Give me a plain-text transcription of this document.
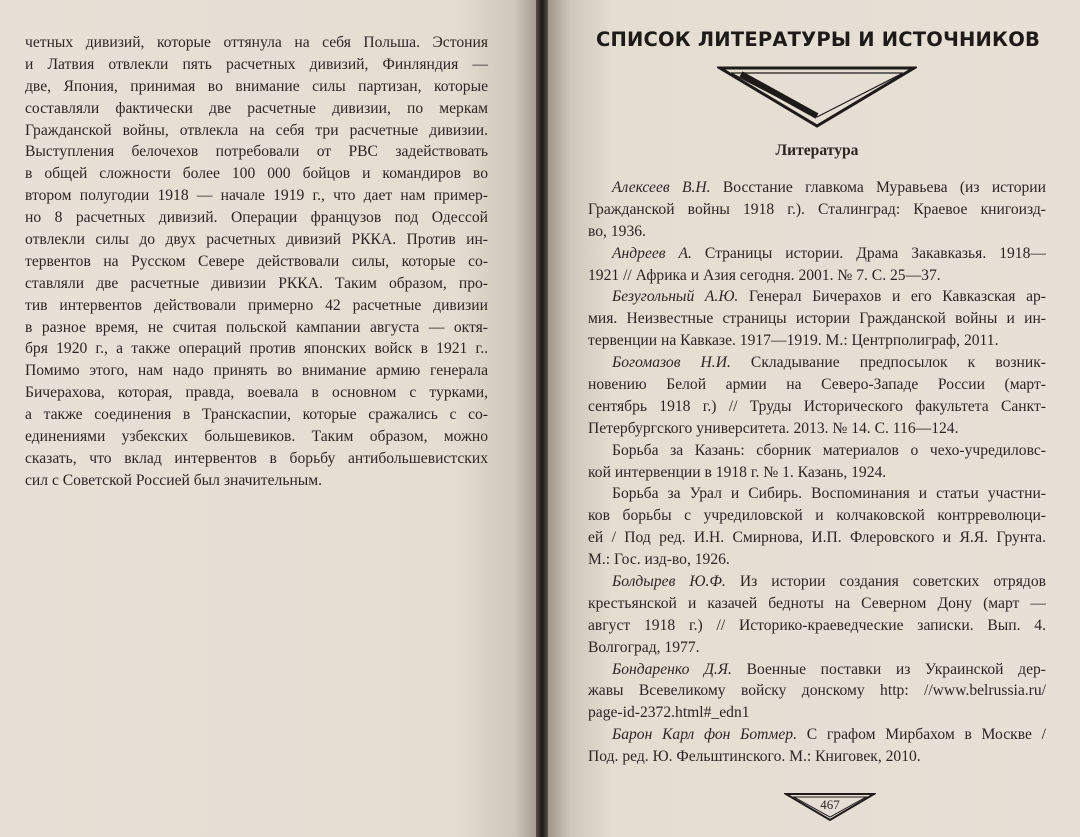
четных дивизий, которые оттянула на себя Польша. Эстония
и Латвия отвлекли пять расчетных дивизий, Финляндия —
две, Япония, принимая во внимание силы партизан, которые
составляли фактически две расчетные дивизии, по меркам
Гражданской войны, отвлекла на себя три расчетные дивизии.
Выступления белочехов потребовали от РВС задействовать
в общей сложности более 100 000 бойцов и командиров во
втором полугодии 1918 — начале 1919 г., что дает нам пример-
но 8 расчетных дивизий. Операции французов под Одессой
отвлекли силы до двух расчетных дивизий РККА. Против ин-
тервентов на Русском Севере действовали силы, которые со-
ставляли две расчетные дивизии РККА. Таким образом, про-
тив интервентов действовали примерно 42 расчетные дивизии
в разное время, не считая польской кампании августа — октя-
бря 1920 г., а также операций против японских войск в 1921 г..
Помимо этого, нам надо принять во внимание армию генерала
Бичерахова, которая, правда, воевала в основном с турками,
а также соединения в Транскаспии, которые сражались с со-
единениями узбекских большевиков. Таким образом, можно
сказать, что вклад интервентов в борьбу антибольшевистских
сил с Советской Россией был значительным.
СПИСОК ЛИТЕРАТУРЫ И ИСТОЧНИКОВ
Литература
Алексеев В.Н. Восстание главкома Муравьева (из истории
Гражданской войны 1918 г.). Сталинград: Краевое книгоизд-
во, 1936.
Андреев А. Страницы истории. Драма Закавказья. 1918—
1921 // Африка и Азия сегодня. 2001. № 7. С. 25—37.
Безугольный А.Ю. Генерал Бичерахов и его Кавказская ар-
мия. Неизвестные страницы истории Гражданской войны и ин-
тервенции на Кавказе. 1917—1919. М.: Центрполиграф, 2011.
Богомазов Н.И. Складывание предпосылок к возник-
новению Белой армии на Северо-Западе России (март-
сентябрь 1918 г.) // Труды Исторического факультета Санкт-
Петербургского университета. 2013. № 14. С. 116—124.
Борьба за Казань: сборник материалов о чехо-учредиловс-
кой интервенции в 1918 г. № 1. Казань, 1924.
Борьба за Урал и Сибирь. Воспоминания и статьи участни-
ков борьбы с учредиловской и колчаковской контрреволюци-
ей / Под ред. И.Н. Смирнова, И.П. Флеровского и Я.Я. Грунта.
М.: Гос. изд-во, 1926.
Болдырев Ю.Ф. Из истории создания советских отрядов
крестьянской и казачей бедноты на Северном Дону (март —
август 1918 г.) // Историко-краеведческие записки. Вып. 4.
Волгоград, 1977.
Бондаренко Д.Я. Военные поставки из Украинской дер-
жавы Всевеликому войску донскому http: //www.belrussia.ru/
page-id-2372.html#_edn1
Барон Карл фон Ботмер. С графом Мирбахом в Москве /
Под. ред. Ю. Фельштинского. М.: Книговек, 2010.
467
